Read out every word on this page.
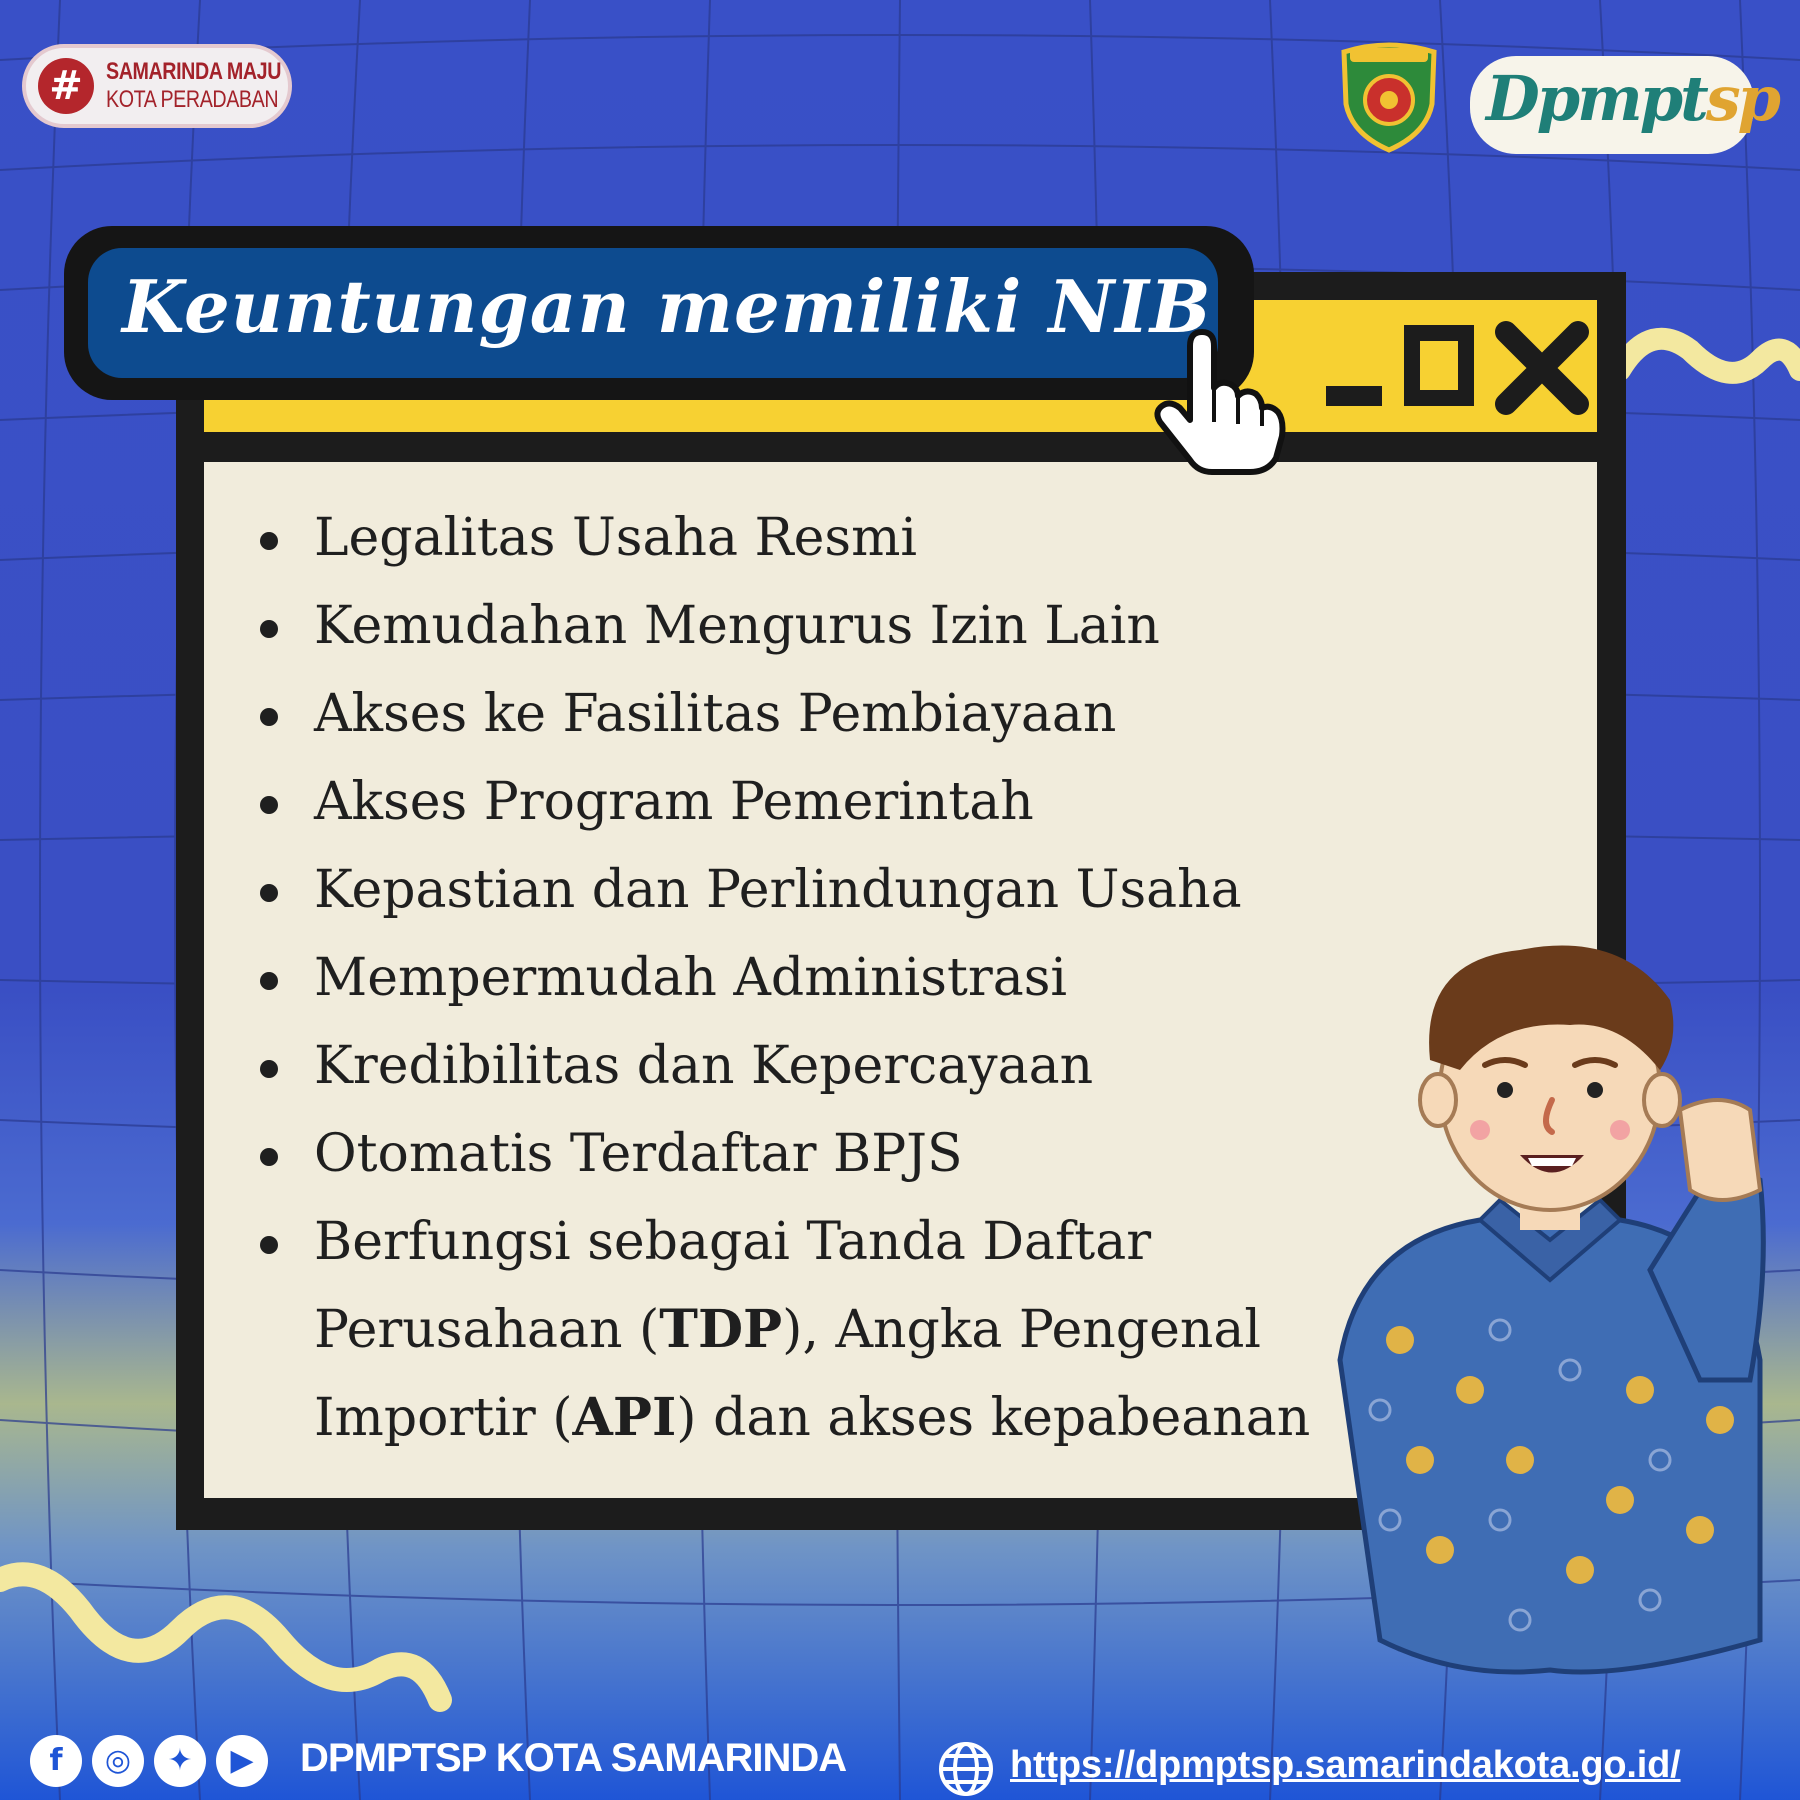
# SAMARINDA MAJU
KOTA PERADABAN	Dpmptsp
Keuntungan memiliki NIB
Legalitas Usaha Resmi
Kemudahan Mengurus Izin Lain
Akses ke Fasilitas Pembiayaan
Akses Program Pemerintah
Kepastian dan Perlindungan Usaha
Mempermudah Administrasi
Kredibilitas dan Kepercayaan
Otomatis Terdaftar BPJS
Berfungsi sebagai Tanda Daftar
Perusahaan (TDP), Angka Pengenal
Importir (API) dan akses kepabeanan
f	◎	✦	▶	DPMPTSP KOTA SAMARINDA	https://dpmptsp.samarindakota.go.id/
